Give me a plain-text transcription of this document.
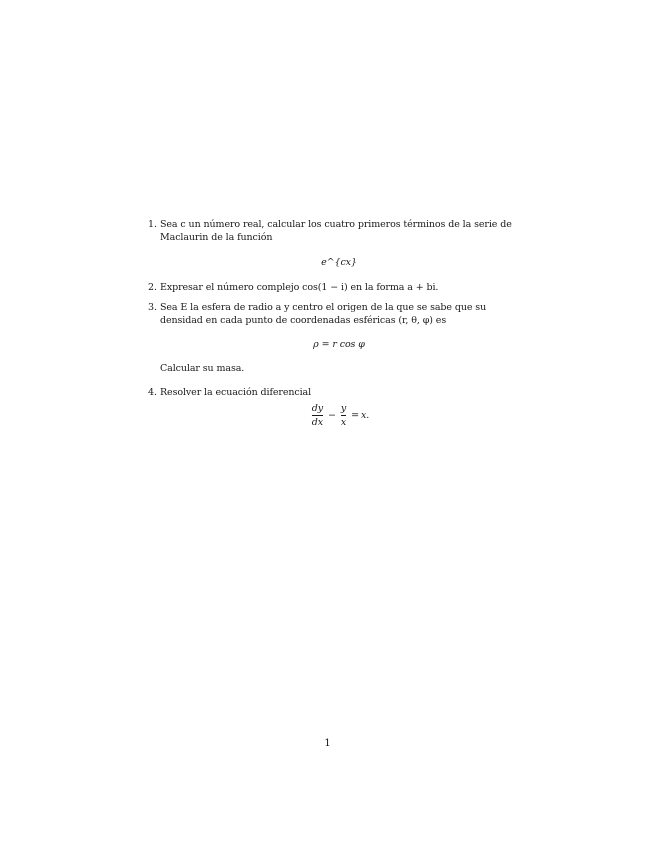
1. Sea c un número real, calcular los cuatro primeros términos de la serie de Maclaurin de la función
e^{cx}
2. Expresar el número complejo cos(1 − i) en la forma a + bi.
3. Sea E la esfera de radio a y centro el origen de la que se sabe que su densidad en cada punto de coordenadas esféricas (r, θ, φ) es
ρ = r cos φ
Calcular su masa.
4. Resolver la ecuación diferencial
$\frac{dy}{dx} - \frac{y}{x} = x$.
1
